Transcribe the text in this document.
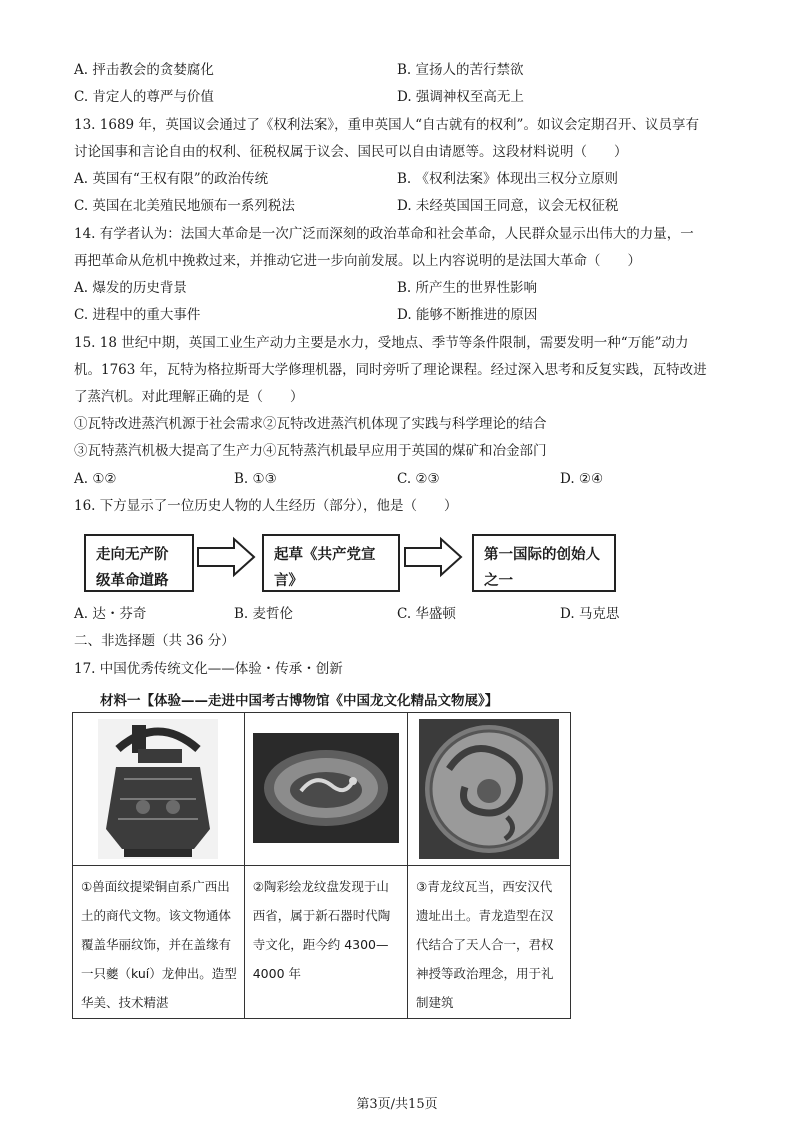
A. 抨击教会的贪婪腐化	B. 宣扬人的苦行禁欲
C. 肯定人的尊严与价值	D. 强调神权至高无上
13. 1689 年，英国议会通过了《权利法案》，重申英国人“自古就有的权利”。如议会定期召开、议员享有
讨论国事和言论自由的权利、征税权属于议会、国民可以自由请愿等。这段材料说明（　　）
A. 英国有“王权有限”的政治传统	B. 《权利法案》体现出三权分立原则
C. 英国在北美殖民地颁布一系列税法	D. 未经英国国王同意，议会无权征税
14. 有学者认为：法国大革命是一次广泛而深刻的政治革命和社会革命，人民群众显示出伟大的力量，一
再把革命从危机中挽救过来，并推动它进一步向前发展。以上内容说明的是法国大革命（　　）
A. 爆发的历史背景	B. 所产生的世界性影响
C. 进程中的重大事件	D. 能够不断推进的原因
15. 18 世纪中期，英国工业生产动力主要是水力，受地点、季节等条件限制，需要发明一种“万能”动力
机。1763 年，瓦特为格拉斯哥大学修理机器，同时旁听了理论课程。经过深入思考和反复实践，瓦特改进
了蒸汽机。对此理解正确的是（　　）
①瓦特改进蒸汽机源于社会需求②瓦特改进蒸汽机体现了实践与科学理论的结合
③瓦特蒸汽机极大提高了生产力④瓦特蒸汽机最早应用于英国的煤矿和冶金部门
A. ①②	B. ①③	C. ②③	D. ②④
16. 下方显示了一位历史人物的人生经历（部分），他是（　　）
走向无产阶级革命道路
起草《共产党宣言》
第一国际的创始人之一
A. 达・芬奇	B. 麦哲伦	C. 华盛顿	D. 马克思
二、非选择题（共 36 分）
17. 中国优秀传统文化——体验・传承・创新
材料一【体验——走进中国考古博物馆《中国龙文化精品文物展》】

①兽面纹提梁铜卣系广西出土的商代文物。该文物通体覆盖华丽纹饰，并在盖缘有一只夔（kuí）龙伸出。造型华美、技术精湛	②陶彩绘龙纹盘发现于山西省，属于新石器时代陶寺文化，距今约 4300—4000 年	③青龙纹瓦当，西安汉代遗址出土。青龙造型在汉代结合了天人合一，君权神授等政治理念，用于礼制建筑
第3页/共15页
